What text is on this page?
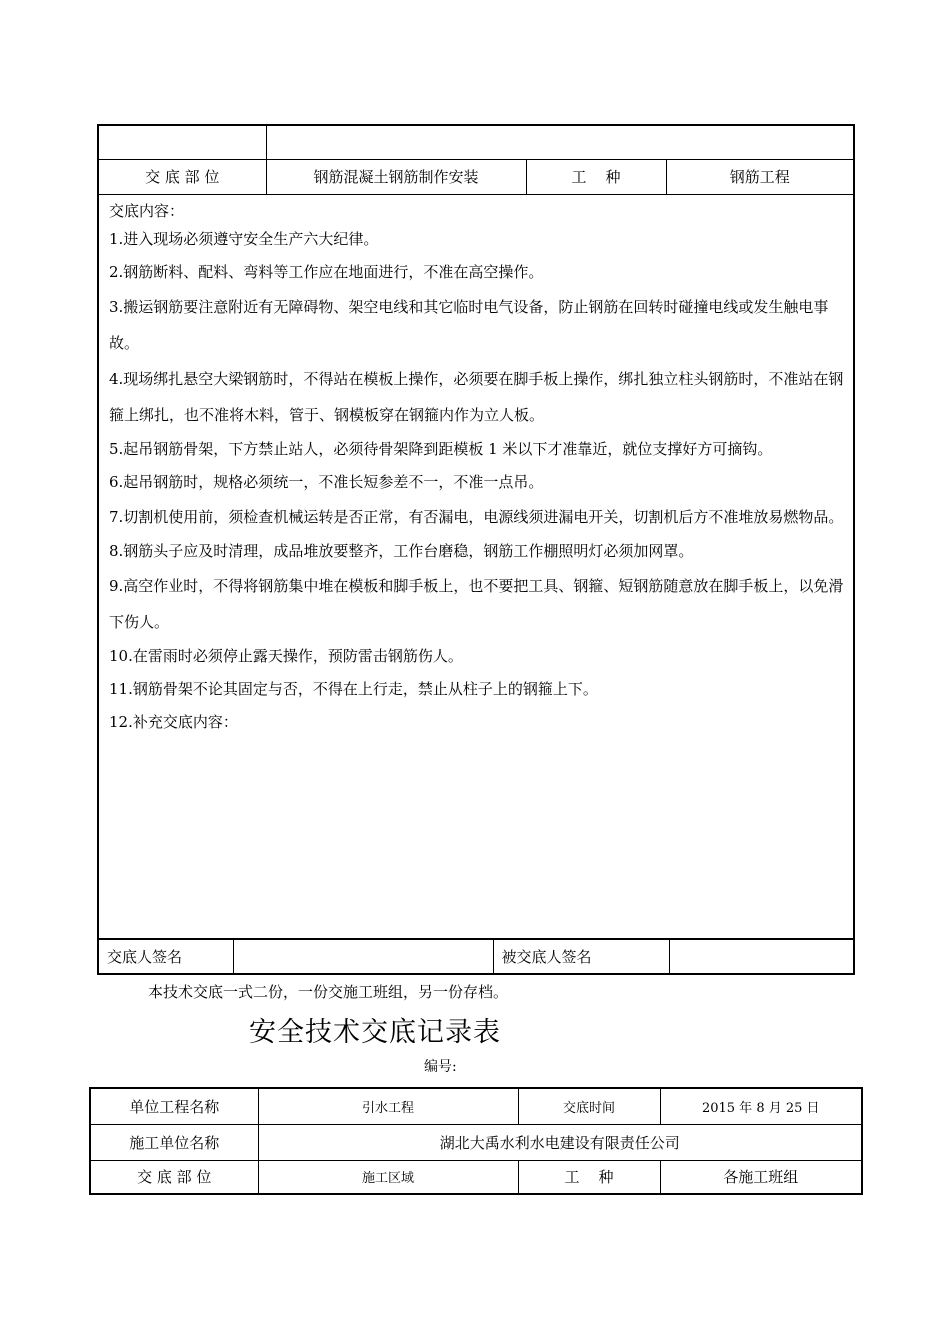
交 底 部 位	钢筋混凝土钢筋制作安装	工    种	钢筋工程

交底内容：
1.进入现场必须遵守安全生产六大纪律。
2.钢筋断料、配料、弯料等工作应在地面进行，不准在高空操作。
3.搬运钢筋要注意附近有无障碍物、架空电线和其它临时电气设备，防止钢筋在回转时碰撞电线或发生触电事故。
4.现场绑扎悬空大梁钢筋时，不得站在模板上操作，必须要在脚手板上操作，绑扎独立柱头钢筋时，不准站在钢箍上绑扎，也不准将木料，管于、钢模板穿在钢箍内作为立人板。
5.起吊钢筋骨架，下方禁止站人，必须待骨架降到距模板 1 米以下才准靠近，就位支撑好方可摘钩。
6.起吊钢筋时，规格必须统一，不准长短参差不一，不准一点吊。
7.切割机使用前，须检查机械运转是否正常，有否漏电，电源线须进漏电开关，切割机后方不准堆放易燃物品。
8.钢筋头子应及时清理，成品堆放要整齐，工作台磨稳，钢筋工作棚照明灯必须加网罩。
9.高空作业时，不得将钢筋集中堆在模板和脚手板上，也不要把工具、钢箍、短钢筋随意放在脚手板上，以免滑下伤人。
10.在雷雨时必须停止露天操作，预防雷击钢筋伤人。
11.钢筋骨架不论其固定与否，不得在上行走，禁止从柱子上的钢箍上下。
12.补充交底内容：

交底人签名		被交底人签名	
本技术交底一式二份，一份交施工班组，另一份存档。
安全技术交底记录表
编号:
单位工程名称	引水工程	交底时间	2015 年 8 月 25 日
施工单位名称	湖北大禹水利水电建设有限责任公司		
交 底 部 位	施工区域	工    种	各施工班组
